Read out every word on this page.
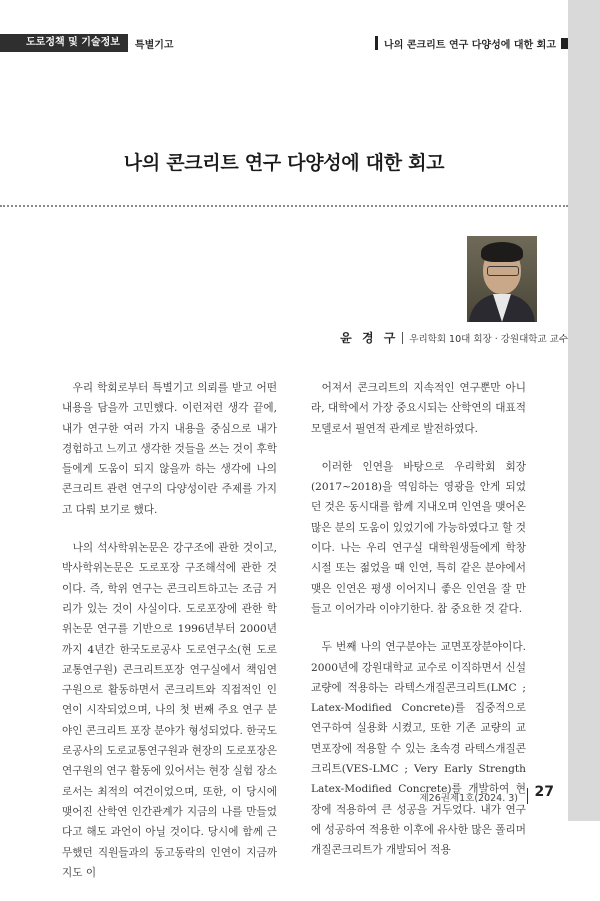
도로정책 및 기술정보	특별기고	나의 콘크리트 연구 다양성에 대한 회고
나의 콘크리트 연구 다양성에 대한 회고
윤 경 구 우리학회 10대 회장 · 강원대학교 교수

우리 학회로부터 특별기고 의뢰를 받고 어떤 내용을 담을까 고민했다. 이런저런 생각 끝에, 내가 연구한 여러 가지 내용을 중심으로 내가 경험하고 느끼고 생각한 것들을 쓰는 것이 후학들에게 도움이 되지 않을까 하는 생각에 나의 콘크리트 관련 연구의 다양성이란 주제를 가지고 다뤄 보기로 했다.

나의 석사학위논문은 강구조에 관한 것이고, 박사학위논문은 도로포장 구조해석에 관한 것이다. 즉, 학위 연구는 콘크리트하고는 조금 거리가 있는 것이 사실이다. 도로포장에 관한 학위논문 연구를 기반으로 1996년부터 2000년까지 4년간 한국도로공사 도로연구소(현 도로교통연구원) 콘크리트포장 연구실에서 책임연구원으로 활동하면서 콘크리트와 직접적인 인연이 시작되었으며, 나의 첫 번째 주요 연구 분야인 콘크리트 포장 분야가 형성되었다. 한국도로공사의 도로교통연구원과 현장의 도로포장은 연구원의 연구 활동에 있어서는 현장 실험 장소로서는 최적의 여건이었으며, 또한, 이 당시에 맺어진 산학연 인간관계가 지금의 나를 만들었다고 해도 과언이 아닐 것이다. 당시에 함께 근무했던 직원들과의 동고동락의 인연이 지금까지도 이

어져서 콘크리트의 지속적인 연구뿐만 아니라, 대학에서 가장 중요시되는 산학연의 대표적 모델로서 필연적 관계로 발전하였다.

이러한 인연을 바탕으로 우리학회 회장(2017~2018)을 역임하는 영광을 안게 되었던 것은 동시대를 함께 지내오며 인연을 맺어온 많은 분의 도움이 있었기에 가능하였다고 할 것이다. 나는 우리 연구실 대학원생들에게 학창 시절 또는 젊었을 때 인연, 특히 같은 분야에서 맺은 인연은 평생 이어지니 좋은 인연을 잘 만들고 이어가라 이야기한다. 참 중요한 것 같다.

두 번째 나의 연구분야는 교면포장분야이다. 2000년에 강원대학교 교수로 이직하면서 신설교량에 적용하는 라텍스개질콘크리트(LMC ; Latex-Modified Concrete)를 집중적으로 연구하여 실용화 시켰고, 또한 기존 교량의 교면포장에 적용할 수 있는 초속경 라텍스개질콘크리트(VES-LMC ; Very Early Strength Latex-Modified Concrete)를 개발하여 현장에 적용하여 큰 성공을 거두었다. 내가 연구에 성공하여 적용한 이후에 유사한 많은 폴리머개질콘크리트가 개발되어 적용

제26권제1호(2024. 3) 27
